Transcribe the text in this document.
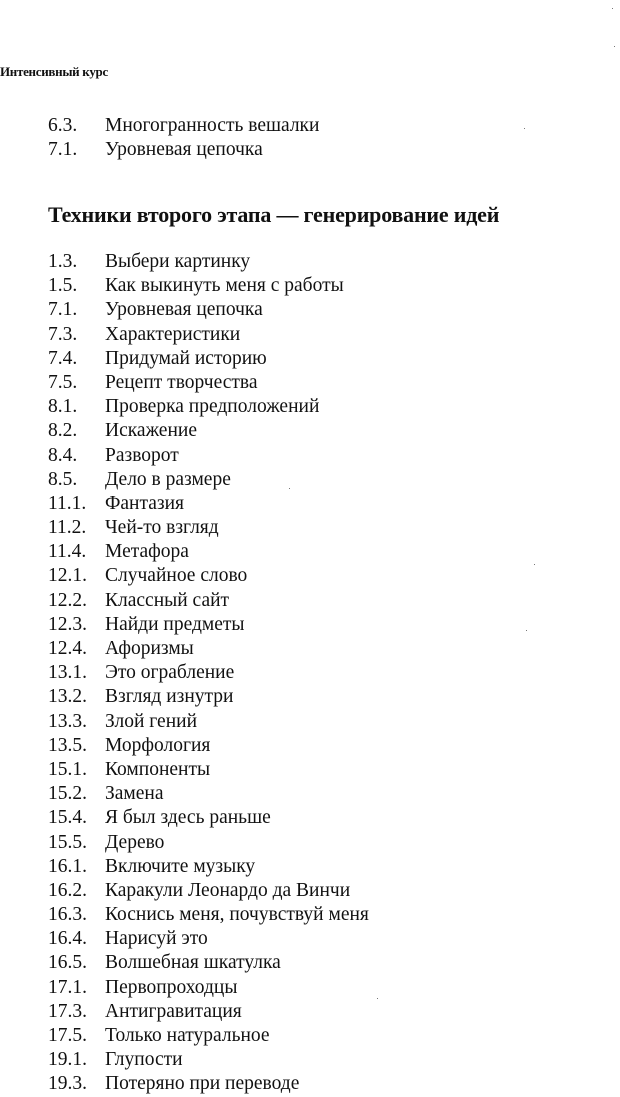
Интенсивный курс
6.3.	Многогранность вешалки
7.1.	Уровневая цепочка
Техники второго этапа — генерирование идей
1.3.	Выбери картинку
1.5.	Как выкинуть меня с работы
7.1.	Уровневая цепочка
7.3.	Характеристики
7.4.	Придумай историю
7.5.	Рецепт творчества
8.1.	Проверка предположений
8.2.	Искажение
8.4.	Разворот
8.5.	Дело в размере
11.1. Фантазия
11.2. Чей-то взгляд
11.4. Метафора
12.1. Случайное слово
12.2. Классный сайт
12.3. Найди предметы
12.4. Афоризмы
13.1. Это ограбление
13.2. Взгляд изнутри
13.3. Злой гений
13.5. Морфология
15.1. Компоненты
15.2. Замена
15.4. Я был здесь раньше
15.5. Дерево
16.1. Включите музыку
16.2. Каракули Леонардо да Винчи
16.3. Коснись меня, почувствуй меня
16.4. Нарисуй это
16.5. Волшебная шкатулка
17.1. Первопроходцы
17.3. Антигравитация
17.5. Только натуральное
19.1. Глупости
19.3. Потеряно при переводе
